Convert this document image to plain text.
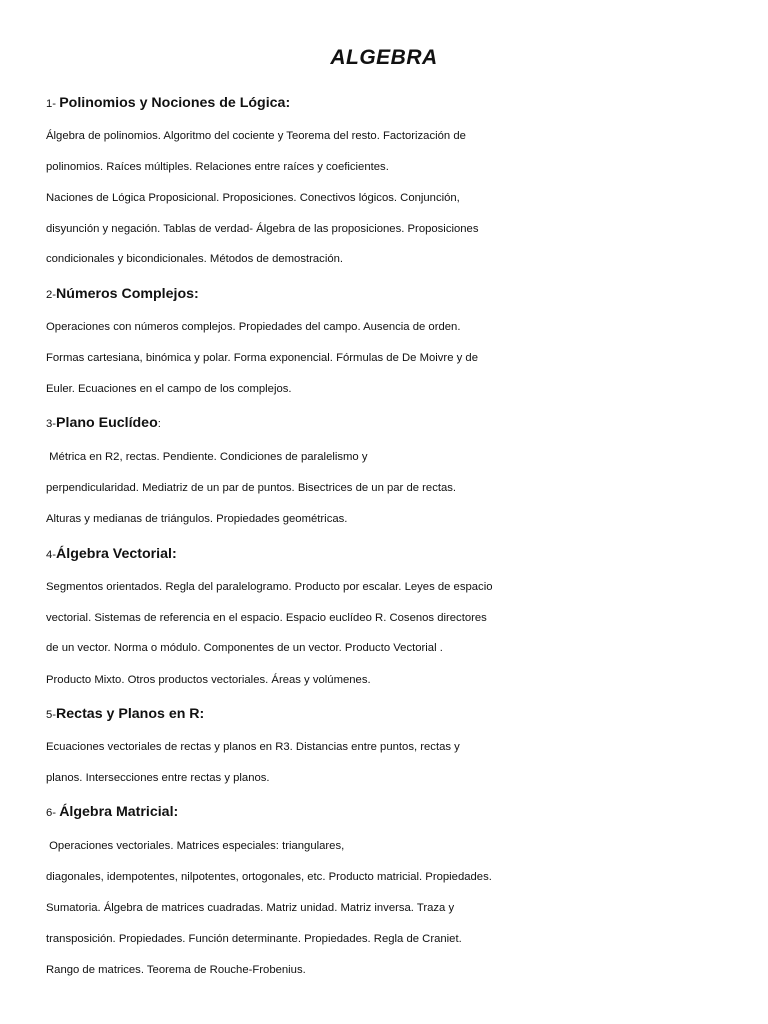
ALGEBRA
1- Polinomios y Nociones de Lógica:
Álgebra de polinomios. Algoritmo del cociente y Teorema del resto. Factorización de
polinomios. Raíces múltiples. Relaciones entre raíces y coeficientes.
Naciones de Lógica Proposicional. Proposiciones. Conectivos lógicos. Conjunción,
disyunción y negación. Tablas de verdad- Álgebra de las proposiciones. Proposiciones
condicionales y bicondicionales. Métodos de demostración.
2-Números Complejos:
Operaciones con números complejos. Propiedades del campo. Ausencia de orden.
Formas cartesiana, binómica y polar. Forma exponencial. Fórmulas de De Moivre y de
Euler. Ecuaciones en el campo de los complejos.
3-Plano Euclídeo:
Métrica en R2, rectas. Pendiente. Condiciones de paralelismo y
perpendicularidad. Mediatriz de un par de puntos. Bisectrices de un par de rectas.
Alturas y medianas de triángulos. Propiedades geométricas.
4-Álgebra Vectorial:
Segmentos orientados. Regla del paralelogramo. Producto por escalar. Leyes de espacio
vectorial. Sistemas de referencia en el espacio. Espacio euclídeo R. Cosenos directores
de un vector. Norma o módulo. Componentes de un vector. Producto Vectorial .
Producto Mixto. Otros productos vectoriales. Áreas y volúmenes.
5-Rectas y Planos en R:
Ecuaciones vectoriales de rectas y planos en R3. Distancias entre puntos, rectas y
planos. Intersecciones entre rectas y planos.
6- Álgebra Matricial:
Operaciones vectoriales. Matrices especiales: triangulares,
diagonales, idempotentes, nilpotentes, ortogonales, etc. Producto matricial. Propiedades.
Sumatoria. Álgebra de matrices cuadradas. Matriz unidad. Matriz inversa. Traza y
transposición. Propiedades. Función determinante. Propiedades. Regla de Craniet.
Rango de matrices. Teorema de Rouche-Frobenius.
